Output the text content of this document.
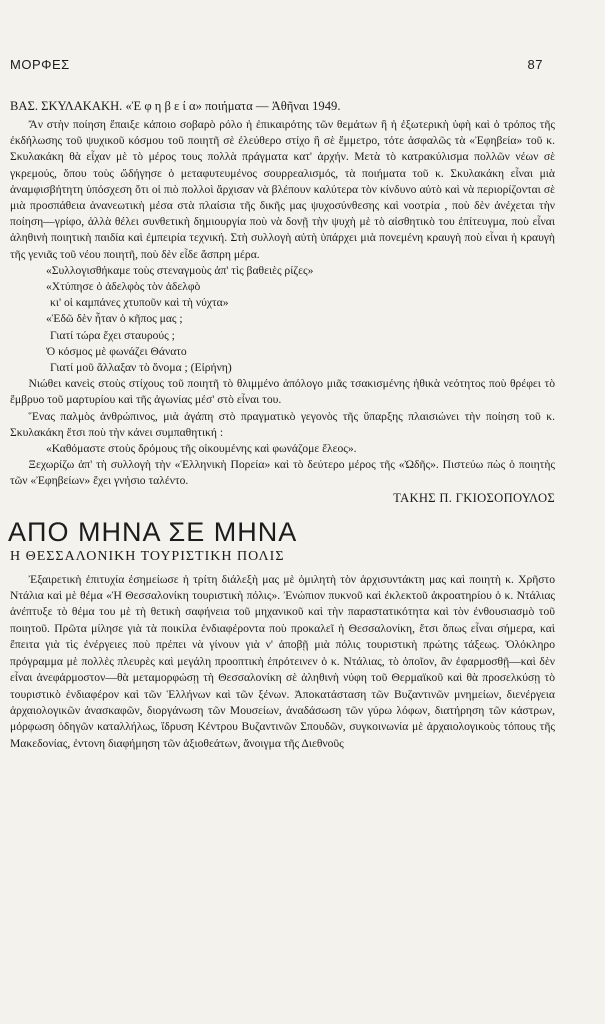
ΜΟΡΦΕΣ	87
ΒΑΣ. ΣΚΥΛΑΚΑΚΗ. «Ἐ φ η β ε ί α» ποιήματα — Ἀθῆναι 1949.

Ἄν στὴν ποίηση ἔπαιξε κάποιο σοβαρὸ ρόλο ἡ ἐπικαιρότης τῶν θεμάτων ἢ ἡ ἐξωτερικὴ ὑφὴ καὶ ὁ τρόπος τῆς ἐκδήλωσης τοῦ ψυχικοῦ κόσμου τοῦ ποιητῆ σὲ ἐλεύθερο στίχο ἢ σὲ ἔμμετρο, τότε ἀσφαλῶς τὰ «Ἐφηβεία» τοῦ κ. Σκυλακάκη θὰ εἶχαν μὲ τὸ μέρος τους πολλὰ πράγματα κατ' ἀρχήν. Μετὰ τὸ κατρακύλισμα πολλῶν νέων σὲ γκρεμούς, ὅπου τοὺς ὤδήγησε ὁ μεταφυτευμένος σουρρεαλισμός, τὰ ποιήματα τοῦ κ. Σκυλακάκη εἶναι μιὰ ἀναμφισβήτητη ὑπόσχεση ὅτι οἱ πιὸ πολλοὶ ἄρχισαν νὰ βλέπουν καλύτερα τὸν κίνδυνο αὐτὸ καὶ νὰ περιορίζονται σὲ μιὰ προσπάθεια ἀνανεωτικὴ μέσα στὰ πλαίσια τῆς δικῆς μας ψυχοσύνθεσης καὶ νοοτρία , ποὺ δὲν ἀνέχεται τὴν ποίηση—γρίφο, ἀλλὰ θέλει συνθετικὴ δημιουργία ποὺ νὰ δονῇ τὴν ψυχὴ μὲ τὸ αἰσθητικὸ του ἐπίτευγμα, ποὺ εἶναι ἀληθινὴ ποιητικὴ παιδία καὶ ἐμπειρία τεχνική. Στὴ συλλογὴ αὐτὴ ὑπάρχει μιὰ πονεμένη κραυγὴ ποὺ εἶναι ἡ κραυγὴ τῆς γενιᾶς τοῦ νέου ποιητῆ, ποὺ δὲν εἶδε ἄσπρη μέρα.

«Συλλογισθήκαμε τοὺς στεναγμοὺς ἀπ' τὶς βαθειὲς ρίζες»

«Χτύπησε ὁ ἀδελφὸς τὸν ἀδελφὸ

κι' οἱ καμπάνες χτυποῦν καὶ τὴ νύχτα»

«Ἐδῶ δὲν ἦταν ὁ κῆπος μας ;

Γιατί τώρα ἔχει σταυρούς ;

Ὁ κόσμος μὲ φωνάζει Θάνατο

Γιατί μοῦ ἄλλαξαν τὸ ὄνομα ; (Εἰρήνη)

Νιώθει κανεὶς στοὺς στίχους τοῦ ποιητῆ τὸ θλιμμένο ἀπόλογο μιᾶς τσακισμένης ἠθικὰ νεότητος ποὺ θρέφει τὸ ἔμβρυο τοῦ μαρτυρίου καὶ τῆς ἀγωνίας μέσ' στὸ εἶναι του.

Ἕνας παλμὸς ἀνθρώπινος, μιὰ ἀγάπη στὸ πραγματικὸ γεγονὸς τῆς ὕπαρξης πλαισιώνει τὴν ποίηση τοῦ κ. Σκυλακάκη ἔτσι ποὺ τὴν κάνει συμπαθητική :

«Καθόμαστε στοὺς δρόμους τῆς οἰκουμένης καὶ φωνάζομε ἔλεος».

Ξεχωρίζω ἀπ' τὴ συλλογὴ τὴν «Ἑλληνικὴ Πορεία» καὶ τὸ δεύτερο μέρος τῆς «Ὠδῆς». Πιστεύω πὼς ὁ ποιητὴς τῶν «Ἐφηβείων» ἔχει γνήσιο ταλέντο.

ΤΑΚΗΣ Π. ΓΚΙΟΣΟΠΟΥΛΟΣ
ΑΠΟ ΜΗΝΑ ΣΕ ΜΗΝΑ
Η ΘΕΣΣΑΛΟΝΙΚΗ ΤΟΥΡΙΣΤΙΚΗ ΠΟΛΙΣ

Ἐξαιρετικὴ ἐπιτυχία ἐσημείωσε ἡ τρίτη διάλεξὴ μας μὲ ὁμιλητὴ τὸν ἀρχισυντάκτη μας καὶ ποιητὴ κ. Χρῆστο Ντάλια καὶ μὲ θέμα «Ἡ Θεσσαλονίκη τουριστικὴ πόλις». Ἐνώπιον πυκνοῦ καὶ ἐκλεκτοῦ ἀκροατηρίου ὁ κ. Ντάλιας ἀνέπτυξε τὸ θέμα του μὲ τὴ θετικὴ σαφήνεια τοῦ μηχανικοῦ καὶ τὴν παραστατικότητα καὶ τὸν ἐνθουσιασμὸ τοῦ ποιητοῦ. Πρῶτα μίλησε γιὰ τὰ ποικίλα ἐνδιαφέροντα ποὺ προκαλεῖ ἡ Θεσσαλονίκη, ἔτσι ὅπως εἶναι σήμερα, καὶ ἔπειτα γιὰ τὶς ἐνέργειες ποὺ πρέπει νὰ γίνουν γιὰ ν' ἀποβῇ μιὰ πόλις τουριστικὴ πρώτης τάξεως. Ὁλόκληρο πρόγραμμα μὲ πολλὲς πλευρὲς καὶ μεγάλη προοπτικὴ ἐπρότεινεν ὁ κ. Ντάλιας, τὸ ὁποῖον, ἂν ἐφαρμοσθῇ—καὶ δὲν εἶναι ἀνεφάρμοστον—θὰ μεταμορφώσῃ τὴ Θεσσαλονίκη σὲ ἀληθινὴ νύφη τοῦ Θερμαϊκοῦ καὶ θὰ προσελκύσῃ τὸ τουριστικὸ ἐνδιαφέρον καὶ τῶν Ἑλλήνων καὶ τῶν ξένων. Ἀποκατάσταση τῶν Βυζαντινῶν μνημείων, διενέργεια ἀρχαιολογικῶν ἀνασκαφῶν, διοργάνωση τῶν Μουσείων, ἀναδάσωση τῶν γύρω λόφων, διατήρηση τῶν κάστρων, μόρφωση ὁδηγῶν καταλλήλως, ἵδρυση Κέντρου Βυζαντινῶν Σπουδῶν, συγκοινωνία μὲ ἀρχαιολογικοὺς τόπους τῆς Μακεδονίας, ἐντονη διαφήμηση τῶν ἀξιοθεάτων, ἄνοιγμα τῆς Διεθνοῦς
